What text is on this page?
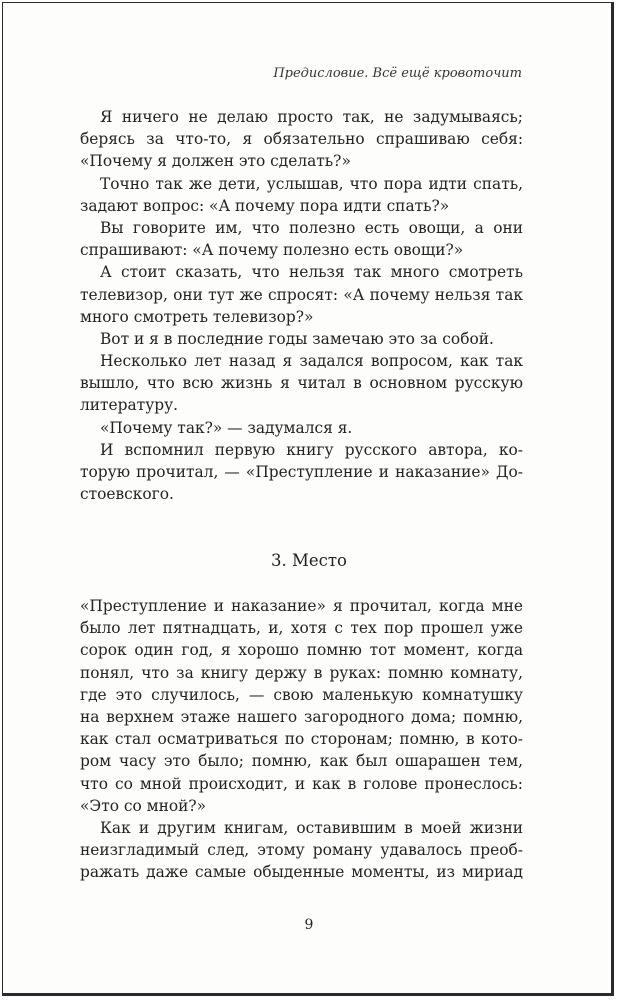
Предисловие. Всё ещё кровоточит
Я ничего не делаю просто так, не задумываясь;
берясь за что-то, я обязательно спрашиваю себя:
«Почему я должен это сделать?»
Точно так же дети, услышав, что пора идти спать,
задают вопрос: «А почему пора идти спать?»
Вы говорите им, что полезно есть овощи, а они
спрашивают: «А почему полезно есть овощи?»
А стоит сказать, что нельзя так много смотреть
телевизор, они тут же спросят: «А почему нельзя так
много смотреть телевизор?»
Вот и я в последние годы замечаю это за собой.
Несколько лет назад я задался вопросом, как так
вышло, что всю жизнь я читал в основном русскую
литературу.
«Почему так?» — задумался я.
И вспомнил первую книгу русского автора, ко-
торую прочитал, — «Преступление и наказание» До-
стоевского.
3. Место
«Преступление и наказание» я прочитал, когда мне
было лет пятнадцать, и, хотя с тех пор прошел уже
сорок один год, я хорошо помню тот момент, когда
понял, что за книгу держу в руках: помню комнату,
где это случилось, — свою маленькую комнатушку
на верхнем этаже нашего загородного дома; помню,
как стал осматриваться по сторонам; помню, в кото-
ром часу это было; помню, как был ошарашен тем,
что со мной происходит, и как в голове пронеслось:
«Это со мной?»
Как и другим книгам, оставившим в моей жизни
неизгладимый след, этому роману удавалось преоб-
ражать даже самые обыденные моменты, из мириад
9
